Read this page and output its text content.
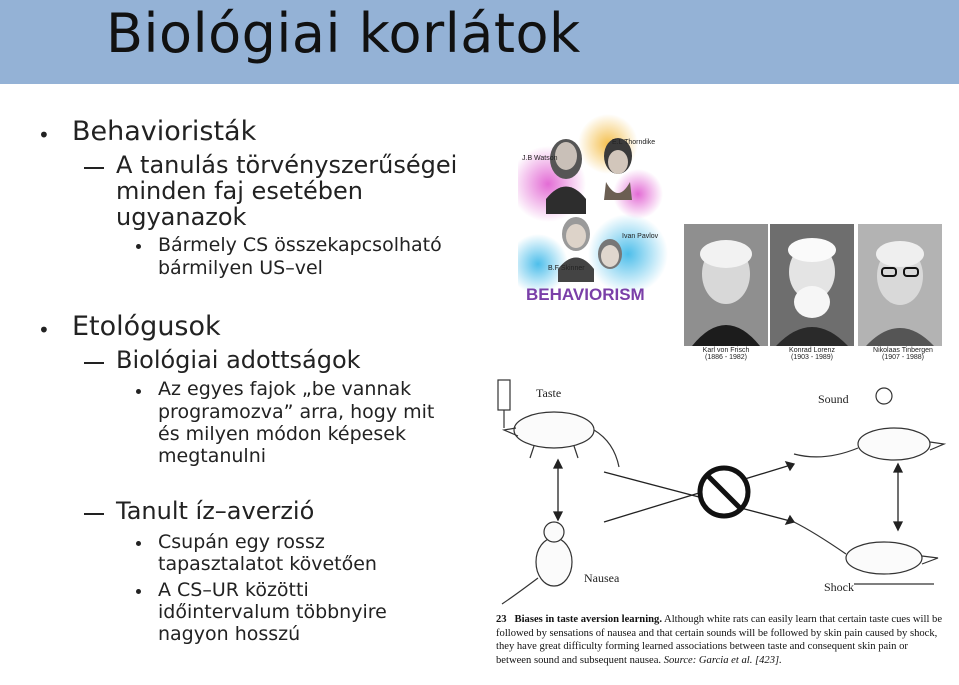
Biológiai korlátok
• Behavioristák
A tanulás törvényszerűségei
minden faj esetében
ugyanazok
Bármely CS összekapcsolható
bármilyen US–vel
• Etológusok
Biológiai adottságok
Az egyes fajok „be vannak
programozva” arra, hogy mit
és milyen módon képesek
megtanulni
Tanult íz–averzió
Csupán egy rossz
tapasztalatot követően
A CS–UR közötti
időintervalum többnyire
nagyon hosszú
J.B Watson
E.L Thorndike
Ivan Pavlov
B.F Skinner
BEHAVIORISM
Karl von Frisch
(1886 - 1982)
Konrad Lorenz
(1903 - 1989)
Nikolaas Tinbergen
(1907 - 1988)
Taste	Sound
Nausea
Shock
23 Biases in taste aversion learning. Although white rats can easily learn that certain taste cues will be followed by sensations of nausea and that certain sounds will be followed by skin pain caused by shock, they have great difficulty forming learned associations between taste and consequent skin pain or between sound and subsequent nausea. Source: Garcia et al. [423].
